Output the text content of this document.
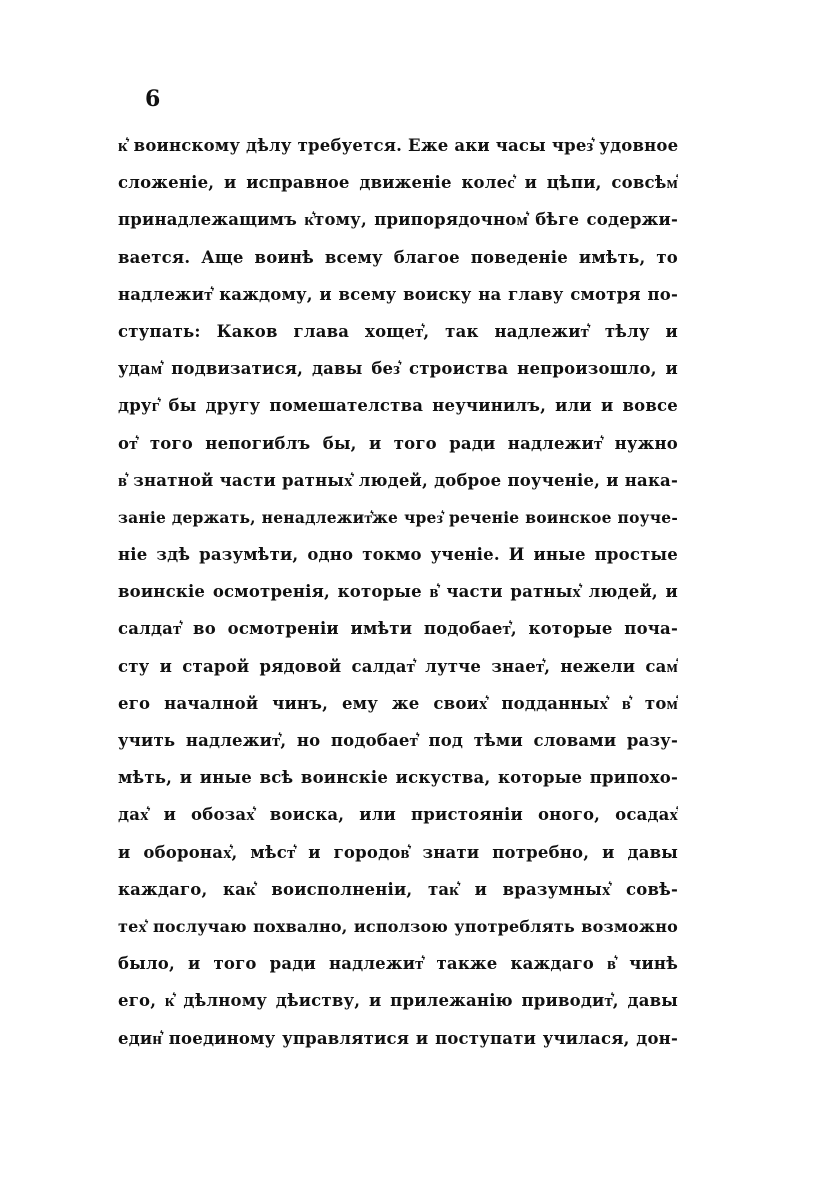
6
к͛ воинскому дѣлу требуется. Еже аки часы чрез͛ удовное
сложеніе, и исправное движеніе колес͛ и цѣпи, совсѣм͛
принадлежащимъ к͛тому, припорядочном͛ бѣге содержи-
вается. Аще воинѣ всему благое поведеніе имѣть, то
надлежит͛ каждому, и всему воиску на главу смотря по-
ступать: Каков глава хощет͛, так надлежит͛ тѣлу и
удам͛ подвизатися, давы без͛ строиства непроизошло, и
друг͛ бы другу помешателства неучинилъ, или и вовсе
от͛ того непогиблъ бы, и того ради надлежит͛ нужно
в͛ знатной части ратных͛ людей, доброе поученіе, и нака-
заніе держать, ненадлежит͛же чрез͛ реченіе воинское поуче-
ніе здѣ разумѣти, одно токмо ученіе. И иные простые
воинскіе осмотренія, которые в͛ части ратных͛ людей, и
салдат͛ во осмотреніи имѣти подобает͛, которые поча-
сту и старой рядовой салдат͛ лутче знает͛, нежели сам͛
его началной чинъ, ему же своих͛ подданных͛ в͛ том͛
учить надлежит͛, но подобает͛ под тѣми словами разу-
мѣть, и иные всѣ воинскіе искуства, которые припохо-
дах͛ и обозах͛ воиска, или пристояніи оного, осадах͛
и оборонах͛, мѣст͛ и городов͛ знати потребно, и давы
каждаго, как͛ воисполненіи, так͛ и вразумных͛ совѣ-
тех͛ послучаю похвално, исползою употреблять возможно
было, и того ради надлежит͛ также каждаго в͛ чинѣ
его, к͛ дѣлному дѣиству, и прилежанію приводит͛, давы
един͛ поединому управлятися и поступати училася, дон-
